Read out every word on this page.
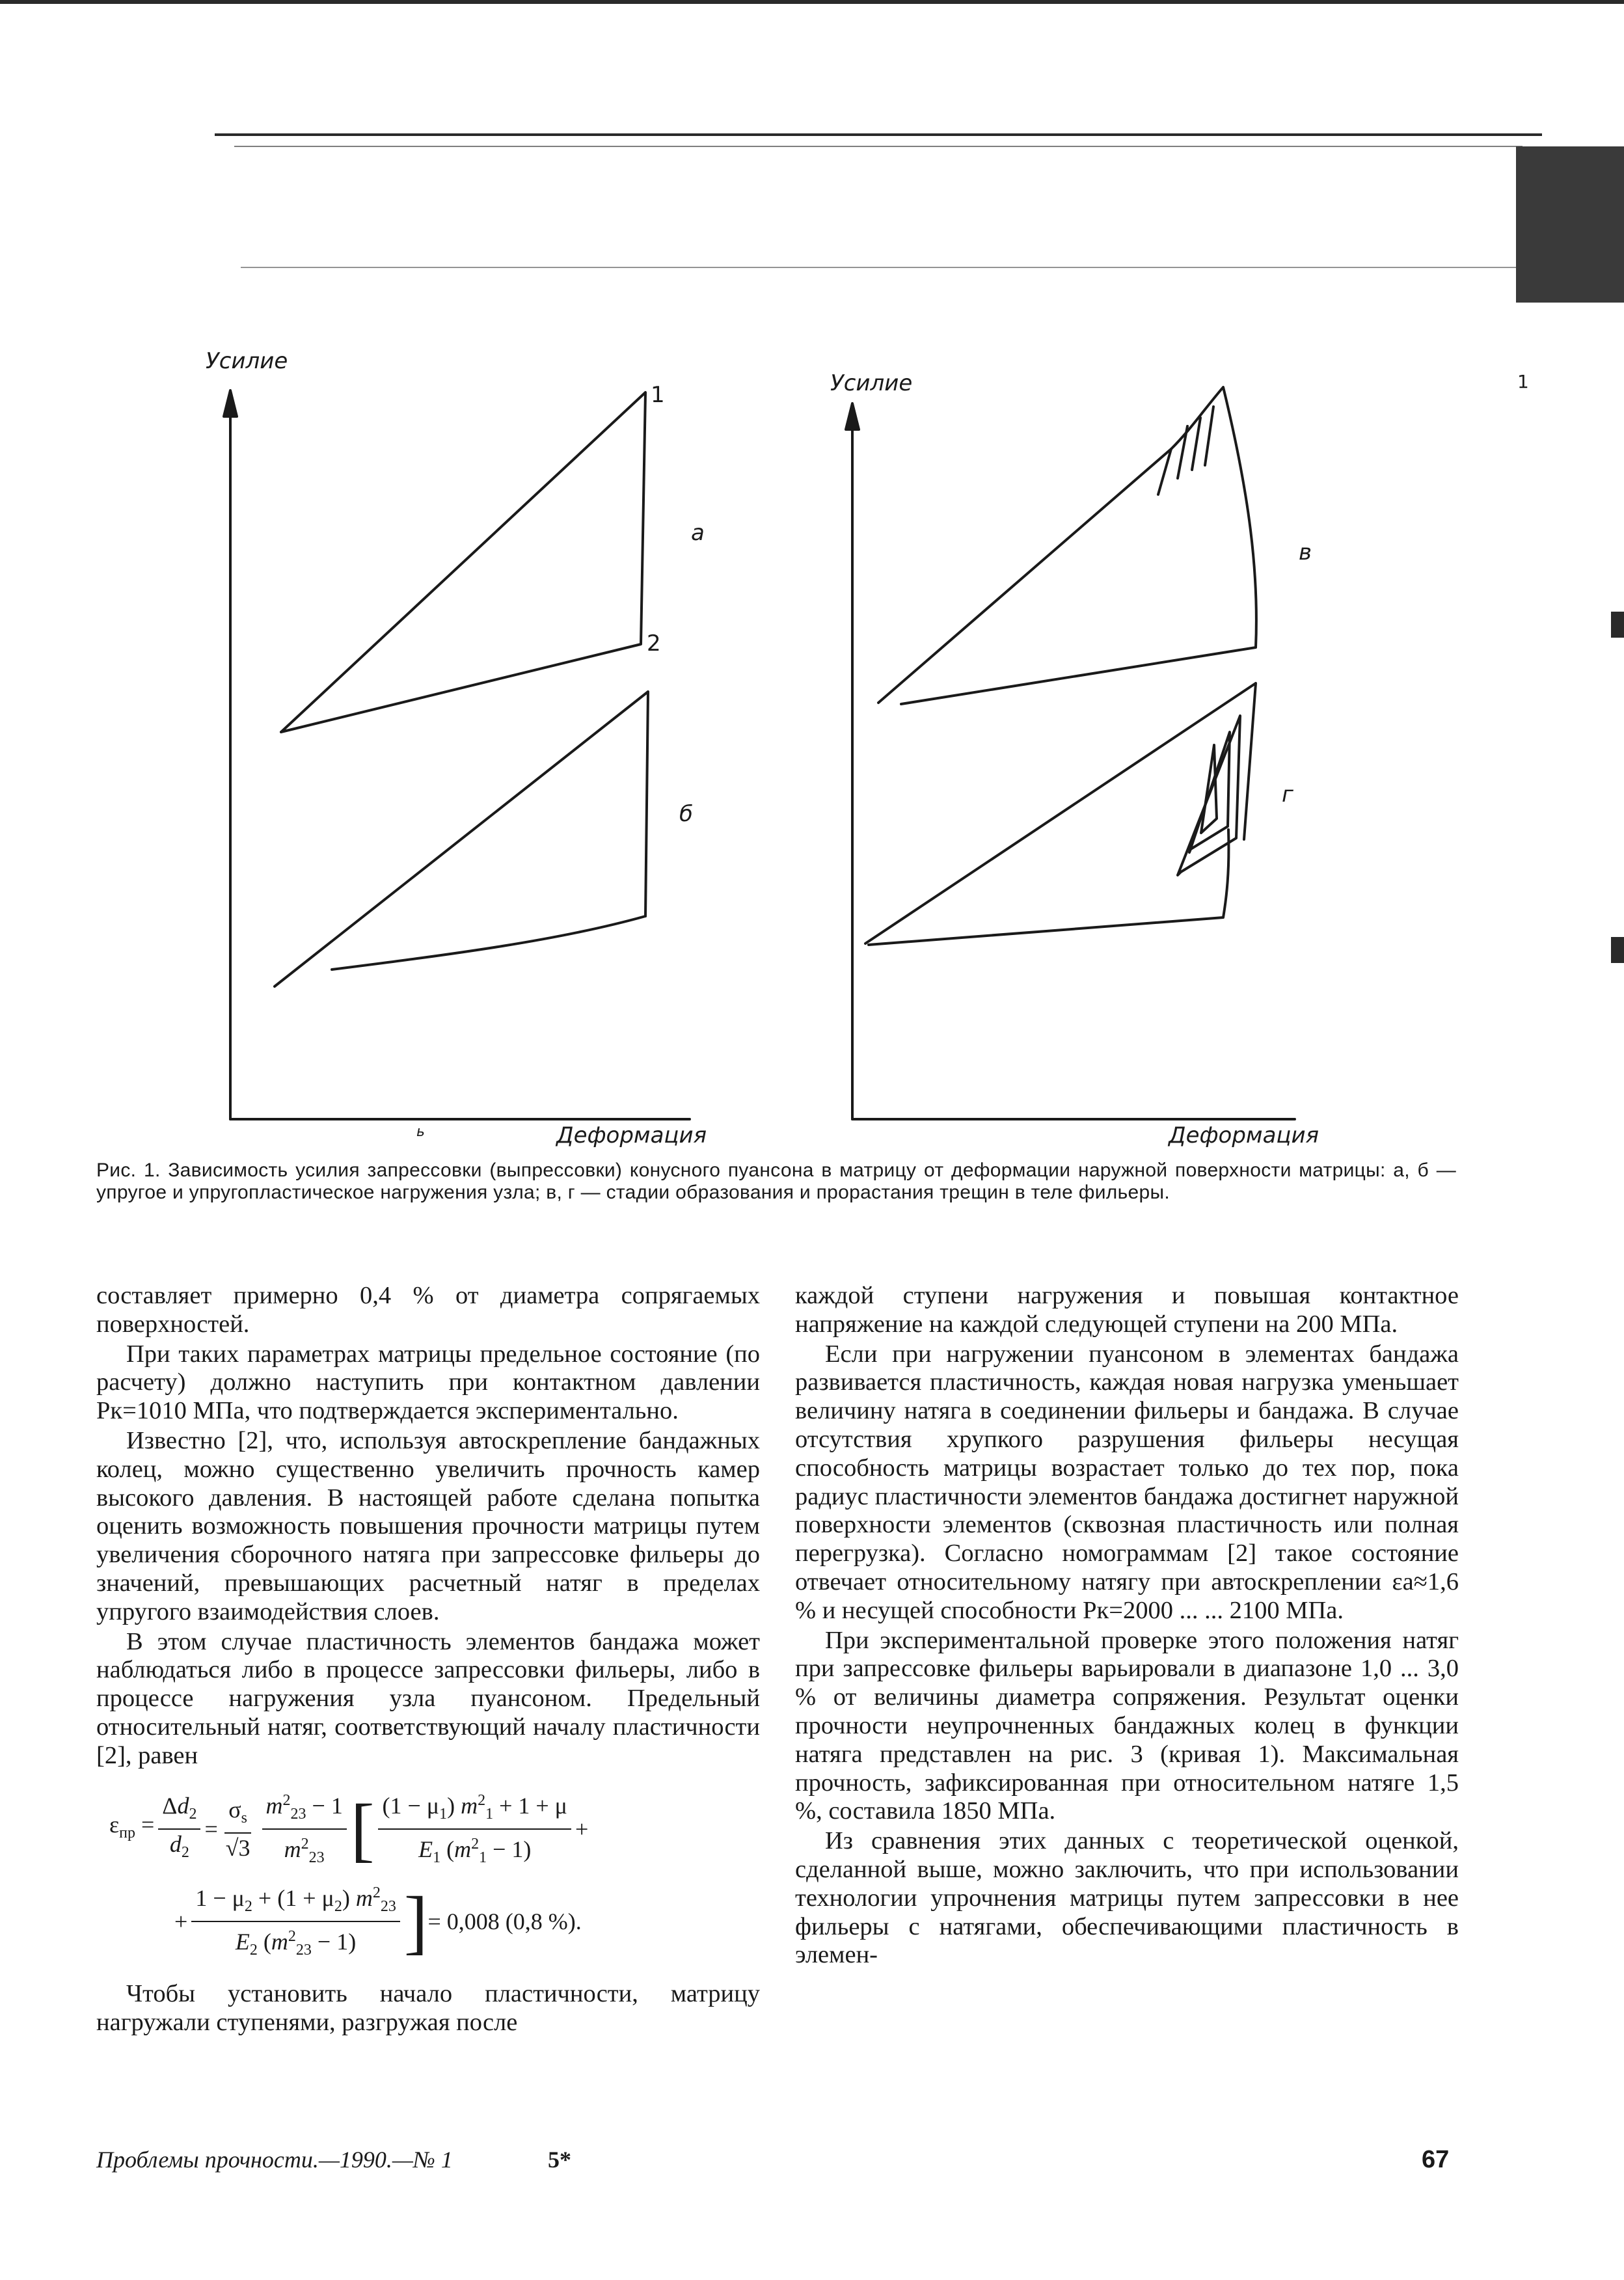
Усилие
Деформация
1
2
а
б
ь
Усилие
Деформация
в
г
1
Рис. 1. Зависимость усилия запрессовки (выпрессовки) конусного пуансона в матрицу от деформации наружной поверхности матрицы: а, б — упругое и упругопластическое нагружения узла; в, г — стадии образования и прорастания трещин в теле фильеры.

составляет примерно 0,4 % от диаметра сопрягаемых поверхностей.

При таких параметрах матрицы предельное состояние (по расчету) должно наступить при контактном давлении Pк=1010 МПа, что подтверждается экспериментально.

Известно [2], что, используя автоскрепление бандажных колец, можно существенно увеличить прочность камер высокого давления. В настоящей работе сделана попытка оценить возможность повышения прочности матрицы путем увеличения сборочного натяга при запрессовке фильеры до значений, превышающих расчетный натяг в пределах упругого взаимодействия слоев.

В этом случае пластичность элементов бандажа может наблюдаться либо в процессе запрессовки фильеры, либо в процессе нагружения узла пуансоном. Предельный относительный натяг, соответствующий началу пластичности [2], равен

$\varepsilon_{пр} = \frac{\Delta d_2}{d_2} = \frac{\sigma_s}{√3} \frac{m^2_{23} - 1}{m^2_{23}}$ [ $\frac{(1 - \mu_1) m^2_1 + 1 + \mu}{E_1 (m^2_1 - 1)}$ +
+ $\frac{1 - \mu_2 + (1 + \mu_2) m^2_{23}}{E_2 (m^2_{23} - 1)}$ ] = 0,008 (0,8 %).

Чтобы установить начало пластичности, матрицу нагружали ступенями, разгружая после

каждой ступени нагружения и повышая контактное напряжение на каждой следующей ступени на 200 МПа.

Если при нагружении пуансоном в элементах бандажа развивается пластичность, каждая новая нагрузка уменьшает величину натяга в соединении фильеры и бандажа. В случае отсутствия хрупкого разрушения фильеры несущая способность матрицы возрастает только до тех пор, пока радиус пластичности элементов бандажа достигнет наружной поверхности элементов (сквозная пластичность или полная перегрузка). Согласно номограммам [2] такое состояние отвечает относительному натягу при автоскреплении εa≈1,6 % и несущей способности Pк=2000 ... ... 2100 МПа.

При экспериментальной проверке этого положения натяг при запрессовке фильеры варьировали в диапазоне 1,0 ... 3,0 % от величины диаметра сопряжения. Результат оценки прочности неупрочненных бандажных колец в функции натяга представлен на рис. 3 (кривая 1). Максимальная прочность, зафиксированная при относительном натяге 1,5 %, составила 1850 МПа.

Из сравнения этих данных с теоретической оценкой, сделанной выше, можно заключить, что при использовании технологии упрочнения матрицы путем запрессовки в нее фильеры с натягами, обеспечивающими пластичность в элемен-

Проблемы прочности.—1990.—№ 1	5*	67
